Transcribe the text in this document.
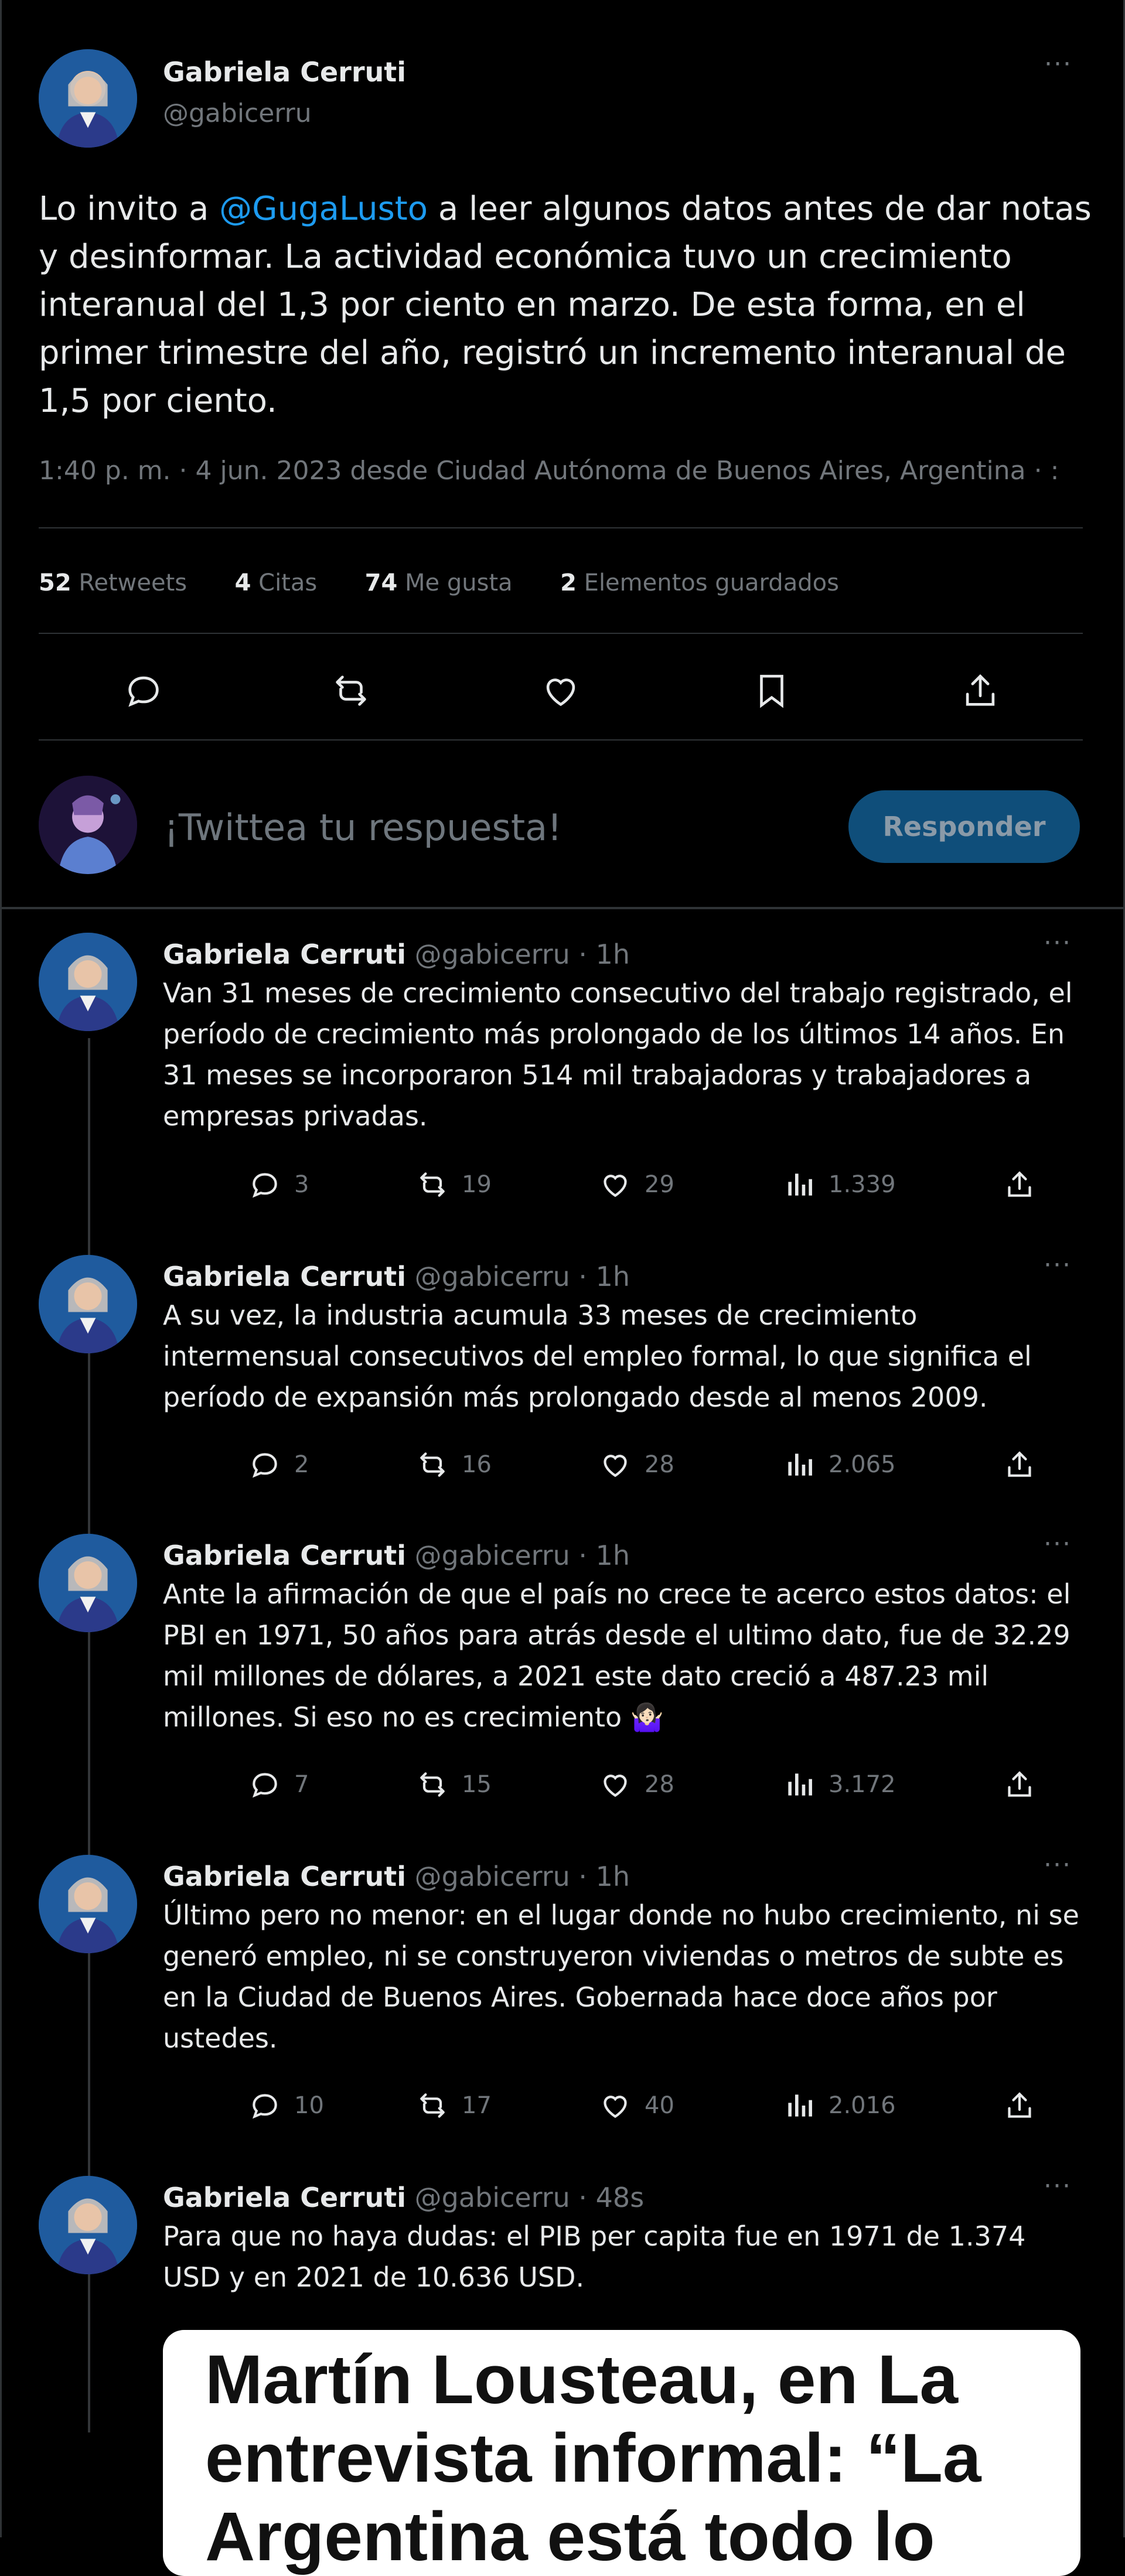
Gabriela Cerruti
@gabicerru
···
Lo invito a @GugaLusto a leer algunos datos antes de dar notas y desinformar. La actividad económica tuvo un crecimiento interanual del 1,3 por ciento en marzo. De esta forma, en el primer trimestre del año, registró un incremento interanual de 1,5 por ciento.
1:40 p. m. · 4 jun. 2023 desde Ciudad Autónoma de Buenos Aires, Argentina · :
52 Retweets 4 Citas 74 Me gusta 2 Elementos guardados
¡Twittea tu respuesta!	Responder
Gabriela Cerruti @gabicerru · 1h	···
Van 31 meses de crecimiento consecutivo del trabajo registrado, el período de crecimiento más prolongado de los últimos 14 años. En 31 meses se incorporaron 514 mil trabajadoras y trabajadores a empresas privadas.
3	19	29	1.339
Gabriela Cerruti @gabicerru · 1h	···
A su vez, la industria acumula 33 meses de crecimiento intermensual consecutivos del empleo formal, lo que significa el período de expansión más prolongado desde al menos 2009.
2	16	28	2.065
Gabriela Cerruti @gabicerru · 1h	···
Ante la afirmación de que el país no crece te acerco estos datos: el PBI en 1971, 50 años para atrás desde el ultimo dato, fue de 32.29 mil millones de dólares, a 2021 este dato creció a 487.23 mil millones. Si eso no es crecimiento 🤷🏻‍♀️
7	15	28	3.172
Gabriela Cerruti @gabicerru · 1h	···
Último pero no menor: en el lugar donde no hubo crecimiento, ni se generó empleo, ni se construyeron viviendas o metros de subte es en la Ciudad de Buenos Aires. Gobernada hace doce años por ustedes.
10	17	40	2.016
Gabriela Cerruti @gabicerru · 48s	···
Para que no haya dudas: el PIB per capita fue en 1971 de 1.374 USD y en 2021 de 10.636 USD.
Martín Lousteau, en La entrevista informal: “La Argentina está todo lo
